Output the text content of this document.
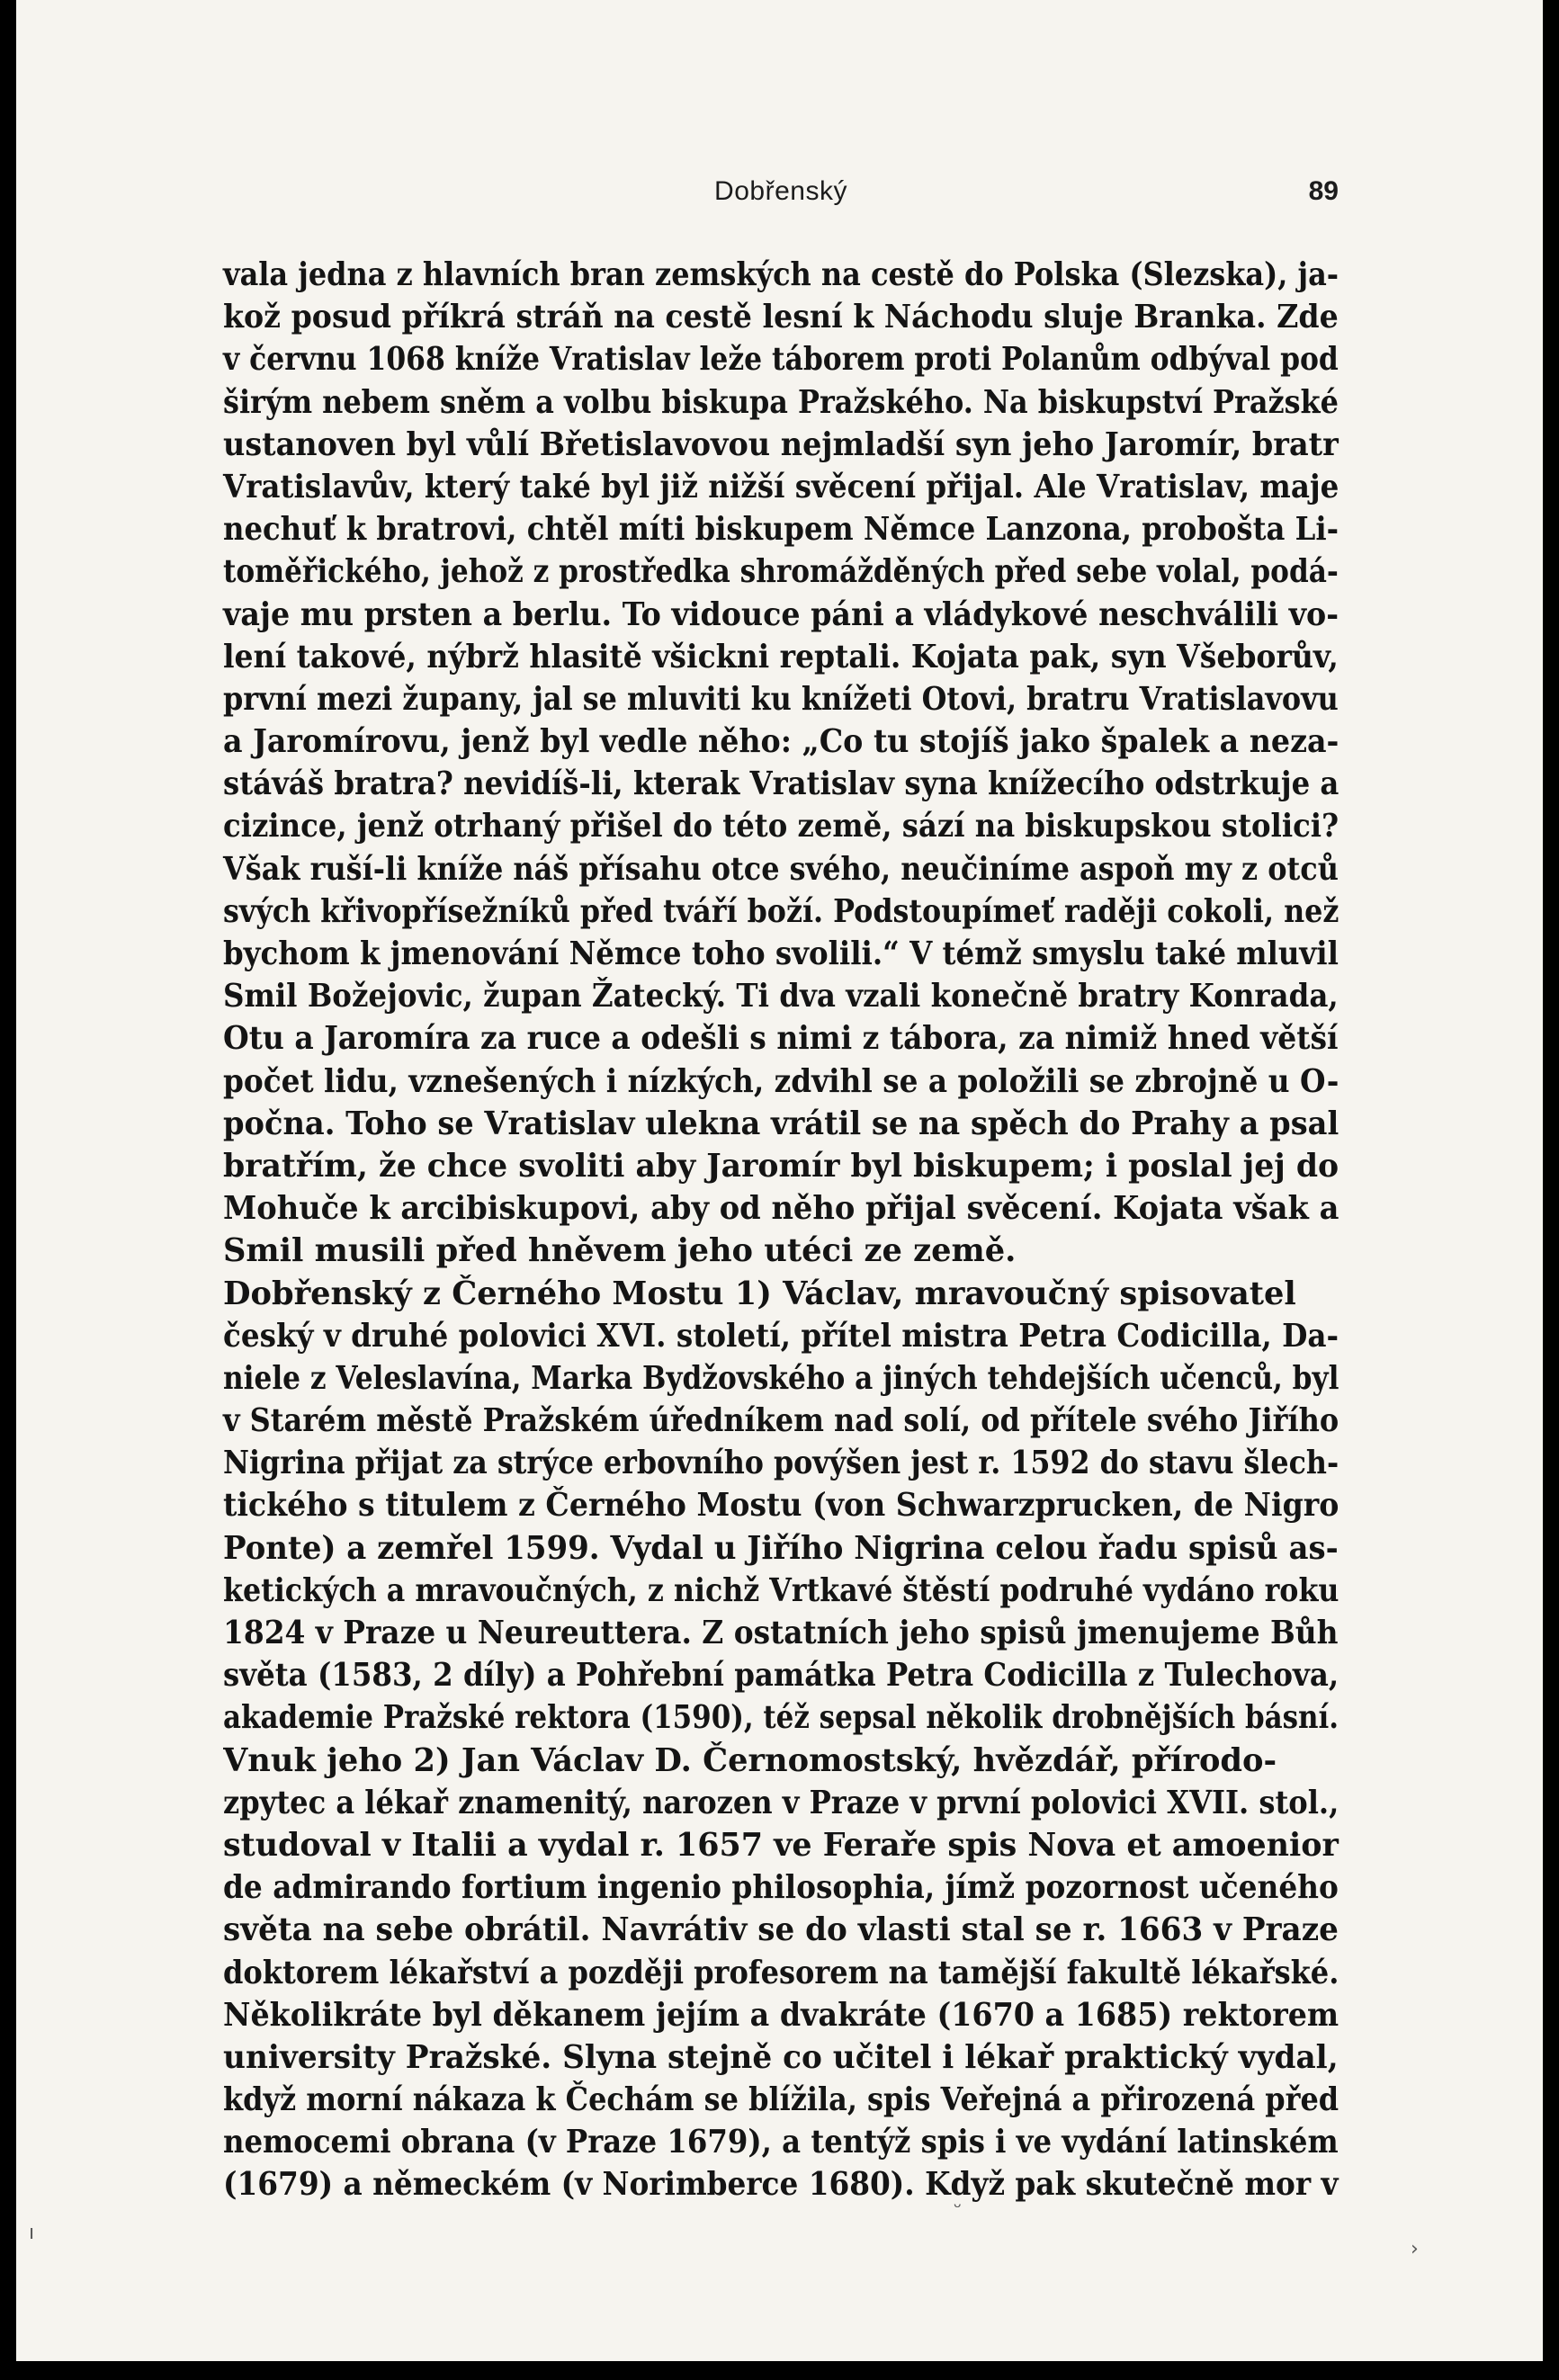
Dobřenský	89
vala jedna z hlavních bran zemských na cestě do Polska (Slezska), ja-
kož posud příkrá stráň na cestě lesní k Náchodu sluje Branka. Zde
v červnu 1068 kníže Vratislav leže táborem proti Polanům odbýval pod
širým nebem sněm a volbu biskupa Pražského. Na biskupství Pražské
ustanoven byl vůlí Břetislavovou nejmladší syn jeho Jaromír, bratr
Vratislavův, který také byl již nižší svěcení přijal. Ale Vratislav, maje
nechuť k bratrovi, chtěl míti biskupem Němce Lanzona, probošta Li-
toměřického, jehož z prostředka shromážděných před sebe volal, podá-
vaje mu prsten a berlu. To vidouce páni a vládykové neschválili vo-
lení takové, nýbrž hlasitě všickni reptali. Kojata pak, syn Všeborův,
první mezi župany, jal se mluviti ku knížeti Otovi, bratru Vratislavovu
a Jaromírovu, jenž byl vedle něho: „Co tu stojíš jako špalek a neza-
stáváš bratra? nevidíš-li, kterak Vratislav syna knížecího odstrkuje a
cizince, jenž otrhaný přišel do této země, sází na biskupskou stolici?
Však ruší-li kníže náš přísahu otce svého, neučiníme aspoň my z otců
svých křivopřísežníků před tváří boží. Podstoupímeť raději cokoli, než
bychom k jmenování Němce toho svolili.“ V témž smyslu také mluvil
Smil Božejovic, župan Žatecký. Ti dva vzali konečně bratry Konrada,
Otu a Jaromíra za ruce a odešli s nimi z tábora, za nimiž hned větší
počet lidu, vznešených i nízkých, zdvihl se a položili se zbrojně u O-
počna. Toho se Vratislav ulekna vrátil se na spěch do Prahy a psal
bratřím, že chce svoliti aby Jaromír byl biskupem; i poslal jej do
Mohuče k arcibiskupovi, aby od něho přijal svěcení. Kojata však a
Smil musili před hněvem jeho utéci ze země.
Dobřenský z Černého Mostu 1) Václav, mravoučný spisovatel
český v druhé polovici XVI. století, přítel mistra Petra Codicilla, Da-
niele z Veleslavína, Marka Bydžovského a jiných tehdejších učenců, byl
v Starém městě Pražském úředníkem nad solí, od přítele svého Jiřího
Nigrina přijat za strýce erbovního povýšen jest r. 1592 do stavu šlech-
tického s titulem z Černého Mostu (von Schwarzprucken, de Nigro
Ponte) a zemřel 1599. Vydal u Jiřího Nigrina celou řadu spisů as-
ketických a mravoučných, z nichž Vrtkavé štěstí podruhé vydáno roku
1824 v Praze u Neureuttera. Z ostatních jeho spisů jmenujeme Bůh
světa (1583, 2 díly) a Pohřební památka Petra Codicilla z Tulechova,
akademie Pražské rektora (1590), též sepsal několik drobnějších básní.
Vnuk jeho 2) Jan Václav D. Černomostský, hvězdář, přírodo-
zpytec a lékař znamenitý, narozen v Praze v první polovici XVII. stol.,
studoval v Italii a vydal r. 1657 ve Feraře spis Nova et amoenior
de admirando fortium ingenio philosophia, jímž pozornost učeného
světa na sebe obrátil. Navrátiv se do vlasti stal se r. 1663 v Praze
doktorem lékařství a později profesorem na tamější fakultě lékařské.
Několikráte byl děkanem jejím a dvakráte (1670 a 1685) rektorem
university Pražské. Slyna stejně co učitel i lékař praktický vydal,
když morní nákaza k Čechám se blížila, spis Veřejná a přirozená před
nemocemi obrana (v Praze 1679), a tentýž spis i ve vydání latinském
(1679) a německém (v Norimberce 1680). Když pak skutečně mor v
ᵕ
›
ı
